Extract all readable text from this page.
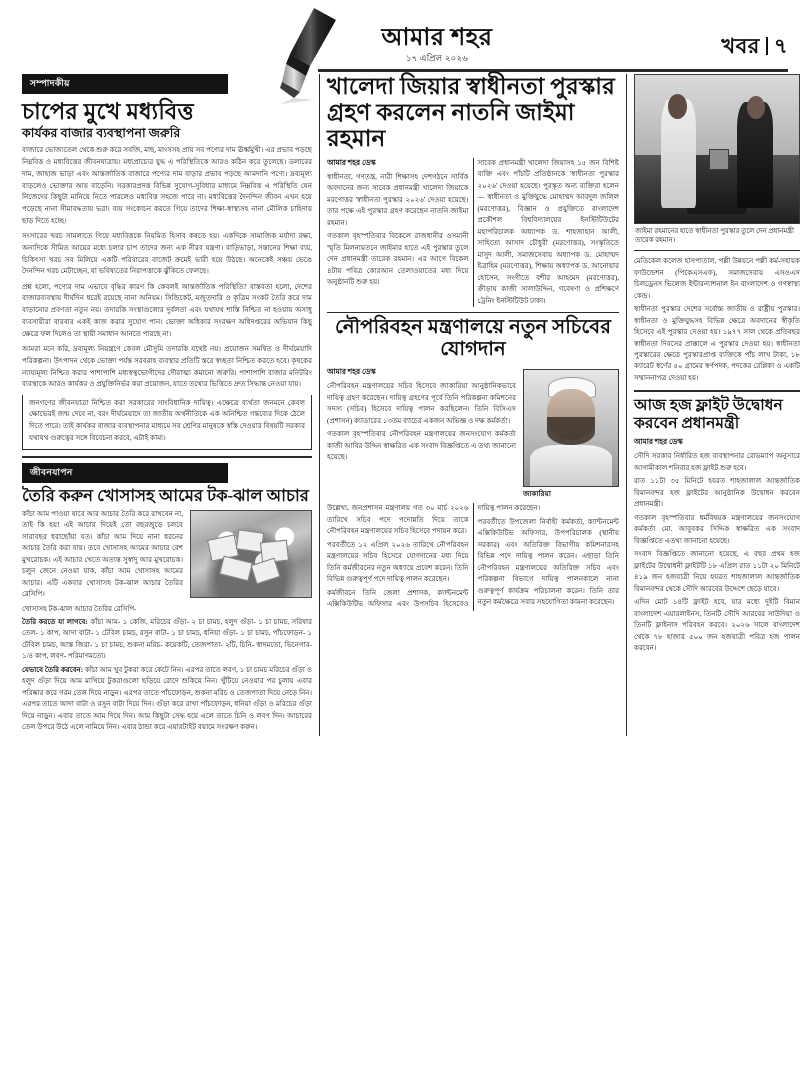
আমার শহর
১৭ এপ্রিল ২০২৬
খবর ৭
সম্পাদকীয়
চাপের মুখে মধ্যবিত্ত
কার্যকর বাজার ব্যবস্থাপনা জরুরি

বাজারে ভোজ্যতেল থেকে শুরু করে সবজি, মাছ, মাংসসহ প্রায় সব পণ্যের দাম ঊর্ধ্বমুখী। এর প্রভাব পড়ছে নিম্নবিত্ত ও মধ্যবিত্তের জীবনযাত্রায়। মধ্যপ্রাচ্যের যুদ্ধ এ পরিস্থিতিকে আরও কঠিন করে তুলেছে। ডলারের দাম, জাহাজ ভাড়া এবং আন্তর্জাতিক বাজারে পণ্যের দাম বাড়ার প্রভাব পড়ছে আমদানি পণ্যে। দ্রব্যমূল্য বাড়লেও ভোক্তার আয় বাড়েনি। সরকারপ্রদত্ত বিভিন্ন সুযোগ-সুবিধার মাধ্যমে নিম্নবিত্ত এ পরিস্থিতি যেন নিজেদের কিছুটা মানিয়ে নিতে পারলেও মধ্যবিত্ত সহজে পারে না। মধ্যবিত্তের দৈনন্দিন জীবন এখন হয়ে পড়েছে নানা সীমাবদ্ধতায় ভরা। ব্যয় সংকোচন করতে গিয়ে তাদের শিক্ষা-স্বাস্থ্যসহ নানা মৌলিক চাহিদায় ছাড় দিতে হচ্ছে।

সংসারের খরচ সামলাতে গিয়ে মধ্যবিত্তকে নিয়মিত হিসাব কষতে হয়। একদিকে সামাজিক মর্যাদা রক্ষা, অন্যদিকে সীমিত আয়ের মধ্যে চলার চাপ তাদের জন্য এক নীরব যন্ত্রণা। বাড়িভাড়া, সন্তানের শিক্ষা ব্যয়, চিকিৎসা খরচ সব মিলিয়ে একটি পরিবারের বাজেট ক্রমেই ভারী হয়ে উঠছে। অনেকেই সঞ্চয় ভেঙে দৈনন্দিন খরচ মেটাচ্ছেন, যা ভবিষ্যতের নিরাপত্তাকে ঝুঁকিতে ফেলছে।

প্রশ্ন হলো, পণ্যের দাম এভাবে বৃদ্ধির কারণ কি কেবলই আন্তর্জাতিক পরিস্থিতি? বাস্তবতা হলো, দেশের বাজারব্যবস্থায় দীর্ঘদিন ধরেই রয়েছে নানা অনিয়ম। সিন্ডিকেট, মজুতদারি ও কৃত্রিম সংকট তৈরি করে দাম বাড়ানোর প্রবণতা নতুন নয়। তদারকি সংস্থাগুলোর দুর্বলতা এবং যথাযথ শাস্তি নিশ্চিত না হওয়ায় অসাধু ব্যবসায়ীরা বারবার একই কাজ করার সুযোগ পান। ভোক্তা অধিকার সংরক্ষণ অধিদপ্তরের অভিযান কিছু ক্ষেত্রে ফল দিলেও তা স্থায়ী সমাধান আনতে পারছে না।

আমরা মনে করি, দ্রব্যমূল্য নিয়ন্ত্রণে কেবল মৌসুমি তদারকি যথেষ্ট নয়। প্রয়োজন সমন্বিত ও দীর্ঘমেয়াদি পরিকল্পনা। উৎপাদন থেকে ভোক্তা পর্যন্ত সরবরাহ ব্যবস্থার প্রতিটি স্তরে স্বচ্ছতা নিশ্চিত করতে হবে। কৃষকের ন্যায্যমূল্য নিশ্চিত করার পাশাপাশি মধ্যস্বত্বভোগীদের দৌরাত্ম্য কমানো জরুরি। পাশাপাশি বাজার মনিটরিং ব্যবস্থাকে আরও কার্যকর ও প্রযুক্তিনির্ভর করা প্রয়োজন, যাতে তথ্যের ভিত্তিতে দ্রুত সিদ্ধান্ত নেওয়া যায়।

জনগণের জীবনযাত্রা নিশ্চিত করা সরকারের সাংবিধানিক দায়িত্ব। এক্ষেত্রে ব্যর্থতা জনমনে কেবল ক্ষোভেরই জন্ম দেবে না, বরং দীর্ঘমেয়াদে তা জাতীয় অর্থনীতিকে এক অনিশ্চিত গন্তব্যের দিকে ঠেলে দিতে পারে। তাই কার্যকর বাজার ব্যবস্থাপনার মাধ্যমে সব শ্রেণির মানুষকে স্বস্তি দেওয়ার বিষয়টি সরকার যথাযথ গুরুত্বের সঙ্গে বিবেচনা করবে, এটাই কাম্য।

জীবনযাপন
তৈরি করুন খোসাসহ আমের টক-ঝাল আচার

কাঁচা আম পাওয়া যাবে আর আচার তৈরি করে রাখবেন না, তাই কি হয়! এই আচার দিয়েই তো বছরজুড়ে চলবে সারাবছর ধরাছোঁয়া যত। কাঁচা আম দিয়ে নানা ধরনের আচার তৈরি করা যায়। তবে খোসাসহ আমের আচার বেশ মুখরোচক। এই আচার খেতে অত্যন্ত সুস্বাদু আর মুখরোচক। চলুন জেনে নেওয়া যাক, কাঁচা আম খোসাসহ আমের আচার। এটি একবার খোসাসহ টক-ঝাল আচার তৈরির রেসিপি।

খোসাসহ টক-ঝাল আচার তৈরির রেসিপি-

তৈরি করতে যা লাগবে: কাঁচা আম- ১ কেজি, মরিচের গুঁড়া- ২ চা চামচ, হলুদ গুঁড়া- ১ চা চামচ, সরিষার তেল- ১ কাপ, আদা বাটা- ১ টেবিল চামচ, রসুন বাটা- ১ চা চামচ, ধনিয়া গুঁড়া- ১ চা চামচ, পাঁচফোড়ন- ১ টেবিল চামচ, আস্ত জিরা- ১ চা চামচ, শুকনা মরিচ- কয়েকটি, তেজপাতা- ২টি, চিনি- স্বাদমতো, ভিনেগার- ১/৪ কাপ, লবণ- পরিমাণমতো।

যেভাবে তৈরি করবেন: কাঁচা আম খুব টুকরা করে কেটে নিন। এরপর তাতে লবণ, ১ চা চামচ মরিচের গুঁড়া ও হলুদ গুঁড়া দিয়ে আম মাখিয়ে টুকরাগুলো ছড়িয়ে রোদে শুকিয়ে নিন। খুঁটিয়ে নেওয়ার পর চুলায় এবার পরিষ্কার করে গরম তেল দিয়ে নাড়ুন। এরপর তাতে পাঁচফোড়ন, শুকনা মরিচ ও তেজপাতা দিয়ে নেড়ে নিন। এরপর তাতে আদা বাটা ও রসুন বাটা দিয়ে দিন। গুঁড়া করে রাখা পাঁচফোড়ন, ধনিয়া গুঁড়া ও মরিচের গুঁড়া দিয়ে নাড়ুন। এবার তাতে আম দিয়ে দিন। আম কিছুটা সেদ্ধ হয়ে এলে তাতে চিনি ও লবণ দিন। আচারের তেল উপরে উঠে এলে নামিয়ে নিন। এবার ঠান্ডা করে এয়ারটাইট বয়ামে সংরক্ষণ করুন।

খালেদা জিয়ার স্বাধীনতা পুরস্কার গ্রহণ করলেন নাতনি জাইমা রহমান
আমার শহর ডেস্ক

স্বাধীনতা, গণতন্ত্র, নারী শিক্ষাসহ দেশগঠনে সার্বিক অবদানের জন্য সাবেক প্রধানমন্ত্রী খালেদা জিয়াকে মরণোত্তর 'স্বাধীনতা পুরস্কার ২০২৬' দেওয়া হয়েছে। তার পক্ষে এই পুরস্কার গ্রহণ করেছেন নাতনি জাইমা রহমান।

গতকাল বৃহস্পতিবার বিকেলে রাজধানীর ওসমানী স্মৃতি মিলনায়তনে জাইমার হাতে এই পুরস্কার তুলে দেন প্রধানমন্ত্রী তারেক রহমান। এর আগে বিকেল ৪টায় পবিত্র কোরআন তেলাওয়াতের মধ্য দিয়ে অনুষ্ঠানটি শুরু হয়।

সাবেক প্রধানমন্ত্রী খালেদা জিয়াসহ ১৫ জন বিশিষ্ট ব্যক্তি এবং পাঁচটি প্রতিষ্ঠানকে 'স্বাধীনতা পুরস্কার ২০২৬' দেওয়া হয়েছে। পুরস্কৃত অন্য ব্যক্তিরা হলেন— স্বাধীনতা ও মুক্তিযুদ্ধে মোহাম্মদ আবদুল জলিল (মরণোত্তর), বিজ্ঞান ও প্রযুক্তিতে বাংলাদেশ প্রকৌশল বিশ্ববিদ্যালয়ের ইনস্টিটিউটের মহাপরিচালক অধ্যাপক ড. শাহজাহান আলী, সাহিত্যে আসাদ চৌধুরী (মরণোত্তর), সংস্কৃতিতে মাসুদ আলী, সমাজসেবায় অধ্যাপক ড. মোহাম্মদ ইব্রাহিম (মরণোত্তর), শিক্ষায় অধ্যাপক ড. আনোয়ার হোসেন, সংগীতে বশীর আহমেদ (মরণোত্তর), ক্রীড়ায় কাজী সালাউদ্দিন, গবেষণা ও প্রশিক্ষণে ট্রেনিং ইনস্টিটিউট ঢাকা।

নৌপরিবহন মন্ত্রণালয়ে নতুন সচিবের যোগদান
জাকারিয়া
আমার শহর ডেস্ক

নৌপরিবহন মন্ত্রণালয়ের সচিব হিসেবে জাকারিয়া আনুষ্ঠানিকভাবে দায়িত্ব গ্রহণ করেছেন। দায়িত্ব গ্রহণের পূর্বে তিনি পরিকল্পনা কমিশনের সদস্য (সচিব) হিসেবে দায়িত্ব পালন করছিলেন। তিনি বিসিএস (প্রশাসন) ক্যাডারের ১৩তম ব্যাচের একজন অভিজ্ঞ ও দক্ষ কর্মকর্তা।

গতকাল বৃহস্পতিবার নৌপরিবহন মন্ত্রণালয়ের জনসংযোগ কর্মকর্তা কাজী আবির উদ্দিন স্বাক্ষরিত এক সংবাদ বিজ্ঞপ্তিতে এ তথ্য জানানো হয়েছে।

উল্লেখ্য, জনপ্রশাসন মন্ত্রণালয় গত ৩০ মার্চ ২০২৬ তারিখে সচিব পদে পদোন্নতি দিয়ে তাকে নৌপরিবহন মন্ত্রণালয়ের সচিব হিসেবে পদায়ন করে।

পরবর্তীতে ১২ এপ্রিল ২০২৬ তারিখে নৌপরিবহন মন্ত্রণালয়ের সচিব হিসেবে যোগদানের মধ্য দিয়ে তিনি কর্মজীবনের নতুন অধ্যায়ে প্রবেশ করেন। তিনি বিভিন্ন গুরুত্বপূর্ণ পদে দায়িত্ব পালন করেছেন।

কর্মজীবনে তিনি জেলা প্রশাসক, ক্যান্টনমেন্ট এক্সিকিউটিভ অফিসার এবং উপসচিব হিসেবেও দায়িত্ব পালন করেছেন।

পরবর্তীতে উপজেলা নির্বাহী কর্মকর্তা, ক্যান্টনমেন্ট এক্সিকিউটিভ অফিসার, উপপরিচালক (স্থানীয় সরকার) এবং অতিরিক্ত বিভাগীয় কমিশনারসহ বিভিন্ন পদে দায়িত্ব পালন করেন। এছাড়া তিনি নৌপরিবহন মন্ত্রণালয়ের অতিরিক্ত সচিব এবং পরিকল্পনা বিভাগে দায়িত্ব পালনকালে নানা গুরুত্বপূর্ণ কার্যক্রম পরিচালনা করেন। তিনি তার নতুন কর্মক্ষেত্রে সবার সহযোগিতা কামনা করেছেন।

জাইমা রহমানের হাতে স্বাধীনতা পুরস্কার তুলে দেন প্রধানমন্ত্রী তারেক রহমান।

মেডিকেল কলেজ হাসপাতাল, পল্লী উন্নয়নে পল্লী কর্ম-সহায়ক ফাউন্ডেশন (পিকেএসএফ), সমাজসেবায় এসওএস চিলড্রেনস ভিলেজ ইন্টারন্যাশনাল ইন বাংলাদেশ ও গণস্বাস্থ্য কেন্দ্র।

স্বাধীনতা পুরস্কার দেশের সর্বোচ্চ জাতীয় ও রাষ্ট্রীয় পুরস্কার। স্বাধীনতা ও মুক্তিযুদ্ধসহ বিভিন্ন ক্ষেত্রে অবদানের স্বীকৃতি হিসেবে এই পুরস্কার দেওয়া হয়। ১৯৭৭ সাল থেকে প্রতিবছর স্বাধীনতা দিবসের প্রাক্কালে এ পুরস্কার দেওয়া হয়। স্বাধীনতা পুরস্কারের ক্ষেত্রে পুরস্কারপ্রাপ্ত ব্যক্তিকে পাঁচ লাখ টাকা, ১৮ ক্যারেট স্বর্ণের ৫০ গ্রামের স্বর্ণপদক, পদকের রেপ্লিকা ও একটি সম্মাননাপত্র দেওয়া হয়।

আজ হজ ফ্লাইট উদ্বোধন করবেন প্রধানমন্ত্রী
আমার শহর ডেস্ক

সৌদি সরকার নির্ধারিত হজ ব্যবস্থাপনার রোডম্যাপ অনুসারে আগামীকাল শনিবার হজ ফ্লাইট শুরু হবে।

রাত ১১টা ৩৫ মিনিটে হযরত শাহজালাল আন্তর্জাতিক বিমানবন্দর হজ ফ্লাইটের আনুষ্ঠানিক উদ্বোধন করবেন প্রধানমন্ত্রী।

গতকাল বৃহস্পতিবার ধর্মবিষয়ক মন্ত্রণালয়ের জনসংযোগ কর্মকর্তা মো. আবুবকর সিদ্দিক স্বাক্ষরিত এক সংবাদ বিজ্ঞপ্তিতে এতথ্য জানানো হয়েছে।

সংবাদ বিজ্ঞপ্তিতে জানানো হয়েছে, এ বছর প্রথম হজ ফ্লাইটের উদ্বোধনী ফ্লাইটটি ১৮ এপ্রিল রাত ১১টা ২০ মিনিটে ৪১৯ জন হজযাত্রী নিয়ে হযরত শাহজালাল আন্তর্জাতিক বিমানবন্দর থেকে সৌদি আরবের উদ্দেশে ছেড়ে যাবে।

এদিন মোট ১৪টি ফ্লাইট হবে, যার মধ্যে দুইটি বিমান বাংলাদেশ এয়ারলাইনস, তিনটি সৌদি আরবের সাউদিয়া ও তিনটি ফ্লাইনাস পরিবহন করবে। ২০২৬ সালে বাংলাদেশ থেকে ৭৮ হাজার ৫০০ জন হজযাত্রী পবিত্র হজ পালন করবেন।
